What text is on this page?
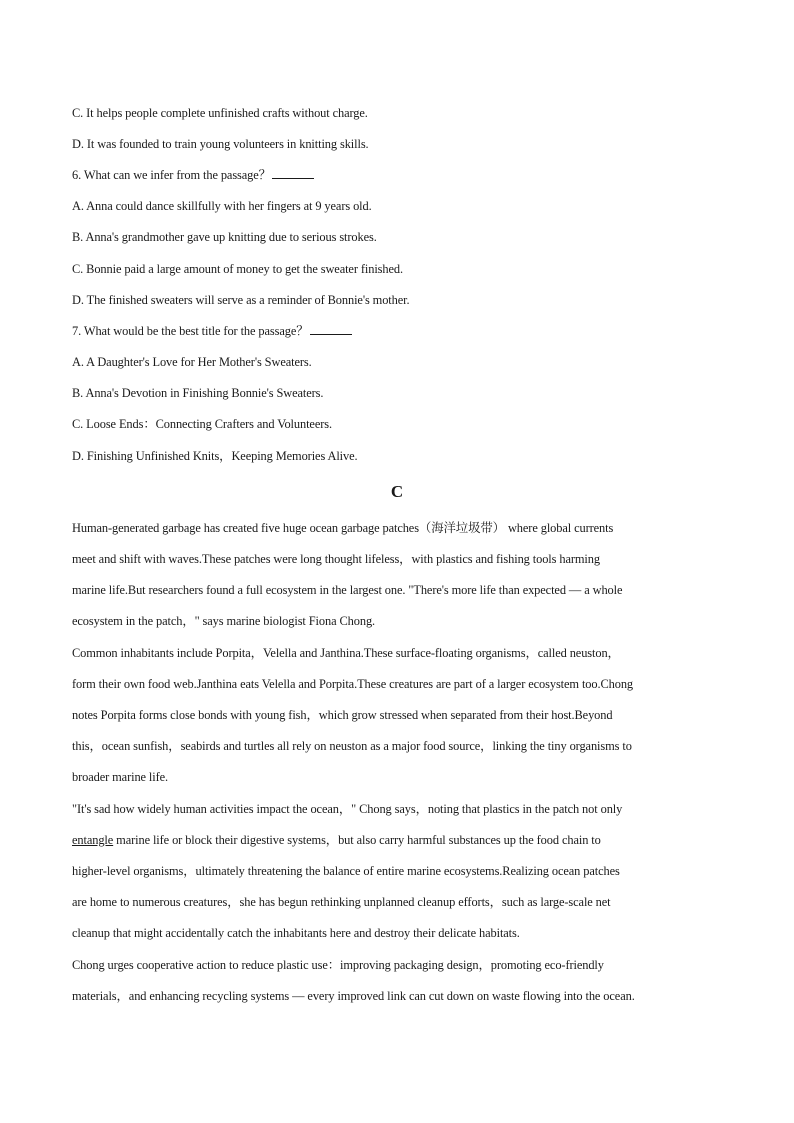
C. It helps people complete unfinished crafts without charge.
D. It was founded to train young volunteers in knitting skills.
6. What can we infer from the passage？
A. Anna could dance skillfully with her fingers at 9 years old.
B. Anna's grandmother gave up knitting due to serious strokes.
C. Bonnie paid a large amount of money to get the sweater finished.
D. The finished sweaters will serve as a reminder of Bonnie's mother.
7. What would be the best title for the passage？
A. A Daughter's Love for Her Mother's Sweaters.
B. Anna's Devotion in Finishing Bonnie's Sweaters.
C. Loose Ends：Connecting Crafters and Volunteers.
D. Finishing Unfinished Knits，Keeping Memories Alive.
C
Human-generated garbage has created five huge ocean garbage patches（海洋垃圾带） where global currents
meet and shift with waves.These patches were long thought lifeless，with plastics and fishing tools harming
marine life.But researchers found a full ecosystem in the largest one. "There's more life than expected — a whole
ecosystem in the patch，" says marine biologist Fiona Chong.
Common inhabitants include Porpita，Velella and Janthina.These surface-floating organisms，called neuston，
form their own food web.Janthina eats Velella and Porpita.These creatures are part of a larger ecosystem too.Chong
notes Porpita forms close bonds with young fish，which grow stressed when separated from their host.Beyond
this，ocean sunfish，seabirds and turtles all rely on neuston as a major food source，linking the tiny organisms to
broader marine life.
"It's sad how widely human activities impact the ocean，" Chong says，noting that plastics in the patch not only
entangle marine life or block their digestive systems，but also carry harmful substances up the food chain to
higher-level organisms，ultimately threatening the balance of entire marine ecosystems.Realizing ocean patches
are home to numerous creatures，she has begun rethinking unplanned cleanup efforts，such as large-scale net
cleanup that might accidentally catch the inhabitants here and destroy their delicate habitats.
Chong urges cooperative action to reduce plastic use：improving packaging design，promoting eco-friendly
materials，and enhancing recycling systems — every improved link can cut down on waste flowing into the ocean.
